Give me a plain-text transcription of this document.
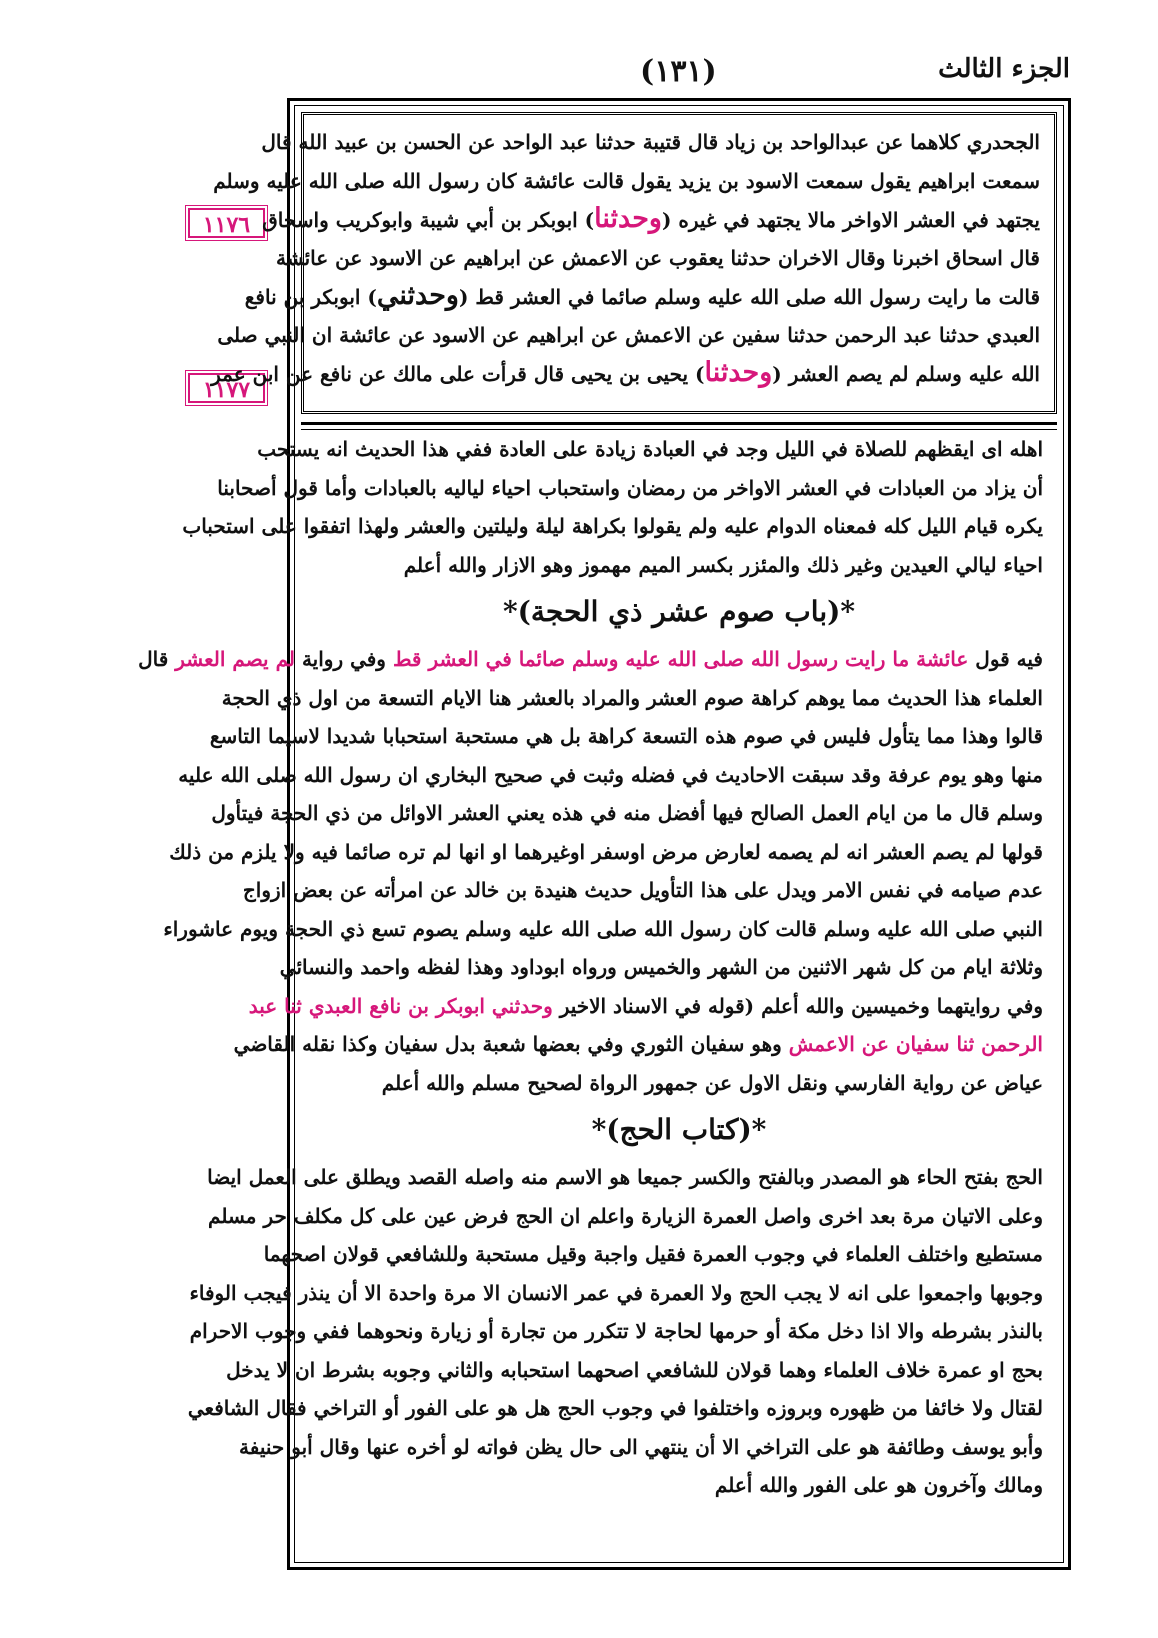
(١٣١)	الجزء الثالث
١١٧٦
١١٧٧
الجحدري كلاهما عن عبدالواحد بن زياد قال قتيبة حدثنا عبد الواحد عن الحسن بن عبيد الله قال
سمعت ابراهيم يقول سمعت الاسود بن يزيد يقول قالت عائشة كان رسول الله صلى الله عليه وسلم
يجتهد في العشر الاواخر مالا يجتهد في غيره (وحدثنا) ابوبكر بن أبي شيبة وابوكريب واسحاق
قال اسحاق اخبرنا وقال الاخران حدثنا يعقوب عن الاعمش عن ابراهيم عن الاسود عن عائشة
قالت ما رايت رسول الله صلى الله عليه وسلم صائما في العشر قط (وحدثني) ابوبكر بن نافع
العبدي حدثنا عبد الرحمن حدثنا سفين عن الاعمش عن ابراهيم عن الاسود عن عائشة ان النبي صلى
الله عليه وسلم لم يصم العشر (وحدثنا) يحيى بن يحيى قال قرأت على مالك عن نافع عن ابن عمر
اهله اى ايقظهم للصلاة في الليل وجد في العبادة زيادة على العادة ففي هذا الحديث انه يستحب
أن يزاد من العبادات في العشر الاواخر من رمضان واستحباب احياء لياليه بالعبادات وأما قول أصحابنا
يكره قيام الليل كله فمعناه الدوام عليه ولم يقولوا بكراهة ليلة وليلتين والعشر ولهذا اتفقوا على استحباب
احياء ليالي العيدين وغير ذلك والمئزر بكسر الميم مهموز وهو الازار والله أعلم
*(باب صوم عشر ذي الحجة)*
فيه قول عائشة ما رايت رسول الله صلى الله عليه وسلم صائما في العشر قط وفي رواية لم يصم العشر قال
العلماء هذا الحديث مما يوهم كراهة صوم العشر والمراد بالعشر هنا الايام التسعة من اول ذي الحجة
قالوا وهذا مما يتأول فليس في صوم هذه التسعة كراهة بل هي مستحبة استحبابا شديدا لاسيما التاسع
منها وهو يوم عرفة وقد سبقت الاحاديث في فضله وثبت في صحيح البخاري ان رسول الله صلى الله عليه
وسلم قال ما من ايام العمل الصالح فيها أفضل منه في هذه يعني العشر الاوائل من ذي الحجة فيتأول
قولها لم يصم العشر انه لم يصمه لعارض مرض اوسفر اوغيرهما او انها لم تره صائما فيه ولا يلزم من ذلك
عدم صيامه في نفس الامر ويدل على هذا التأويل حديث هنيدة بن خالد عن امرأته عن بعض ازواج
النبي صلى الله عليه وسلم قالت كان رسول الله صلى الله عليه وسلم يصوم تسع ذي الحجة ويوم عاشوراء
وثلاثة ايام من كل شهر الاثنين من الشهر والخميس ورواه ابوداود وهذا لفظه واحمد والنسائي
وفي روايتهما وخميسين والله أعلم (قوله في الاسناد الاخير وحدثني ابوبكر بن نافع العبدي ثنا عبد
الرحمن ثنا سفيان عن الاعمش وهو سفيان الثوري وفي بعضها شعبة بدل سفيان وكذا نقله القاضي
عياض عن رواية الفارسي ونقل الاول عن جمهور الرواة لصحيح مسلم والله أعلم
*(كتاب الحج)*
الحج بفتح الحاء هو المصدر وبالفتح والكسر جميعا هو الاسم منه واصله القصد ويطلق على العمل ايضا
وعلى الاتيان مرة بعد اخرى واصل العمرة الزيارة واعلم ان الحج فرض عين على كل مكلف حر مسلم
مستطيع واختلف العلماء في وجوب العمرة فقيل واجبة وقيل مستحبة وللشافعي قولان اصحهما
وجوبها واجمعوا على انه لا يجب الحج ولا العمرة في عمر الانسان الا مرة واحدة الا أن ينذر فيجب الوفاء
بالنذر بشرطه والا اذا دخل مكة أو حرمها لحاجة لا تتكرر من تجارة أو زيارة ونحوهما ففي وجوب الاحرام
بحج او عمرة خلاف العلماء وهما قولان للشافعي اصحهما استحبابه والثاني وجوبه بشرط ان لا يدخل
لقتال ولا خائفا من ظهوره وبروزه واختلفوا في وجوب الحج هل هو على الفور أو التراخي فقال الشافعي
وأبو يوسف وطائفة هو على التراخي الا أن ينتهي الى حال يظن فواته لو أخره عنها وقال أبو حنيفة
ومالك وآخرون هو على الفور والله أعلم
